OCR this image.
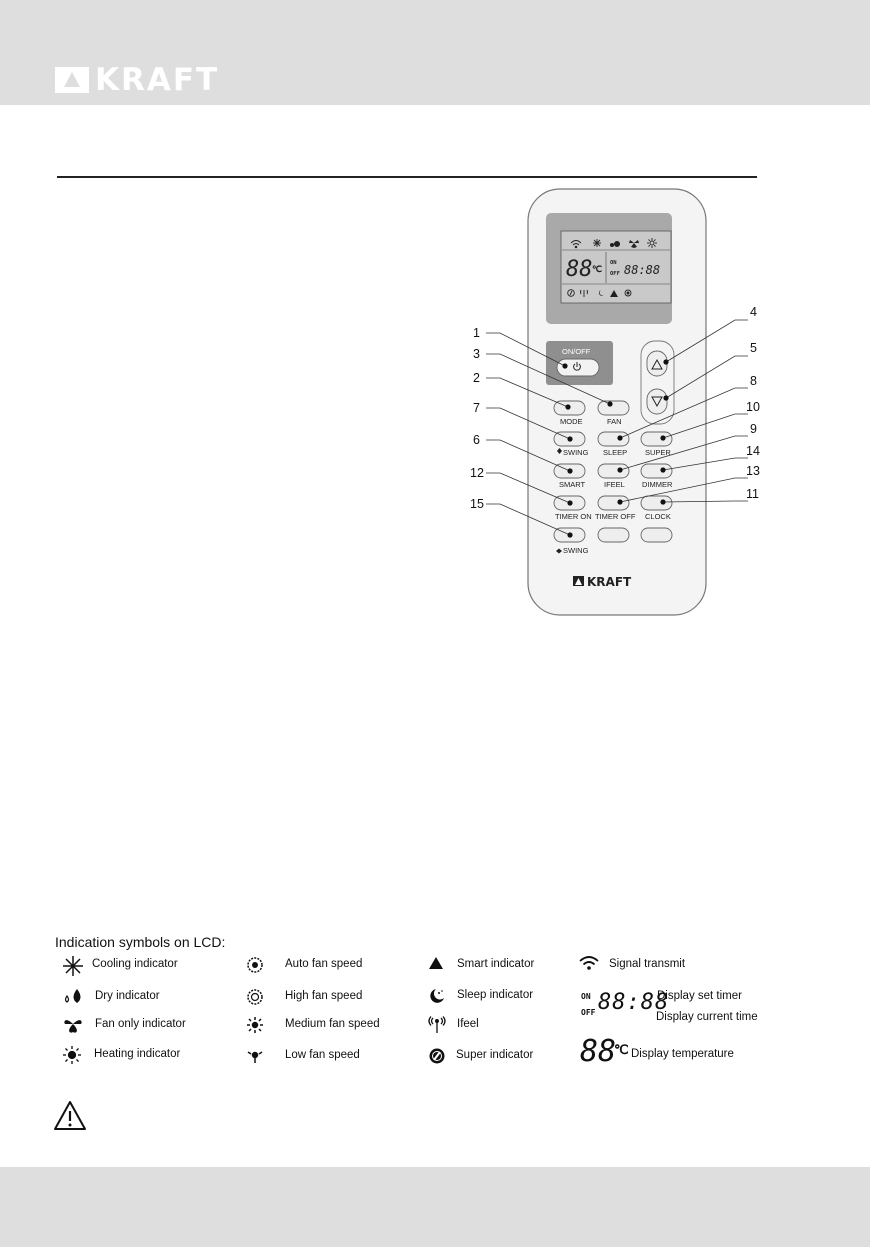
KRAFT
88 ℃
ON
OFF 88:88
ON/OFF
MODE	FAN
SWING SLEEP SUPER
SMART	IFEEL DIMMER
TIMER ON TIMER OFF CLOCK
SWING
KRAFT
1
3
2
7
6
12
15
4
5
8
10
9
14
13
11
Indication symbols on LCD:
Cooling indicator
Dry indicator
Fan only indicator
Heating indicator
Auto fan speed
High fan speed
Medium fan speed
Low fan speed
Smart indicator
Sleep indicator
Ifeel
Super indicator
Signal transmit
ON
OFF 88:88
Display set timer
Display current time
88
℃ Display temperature
